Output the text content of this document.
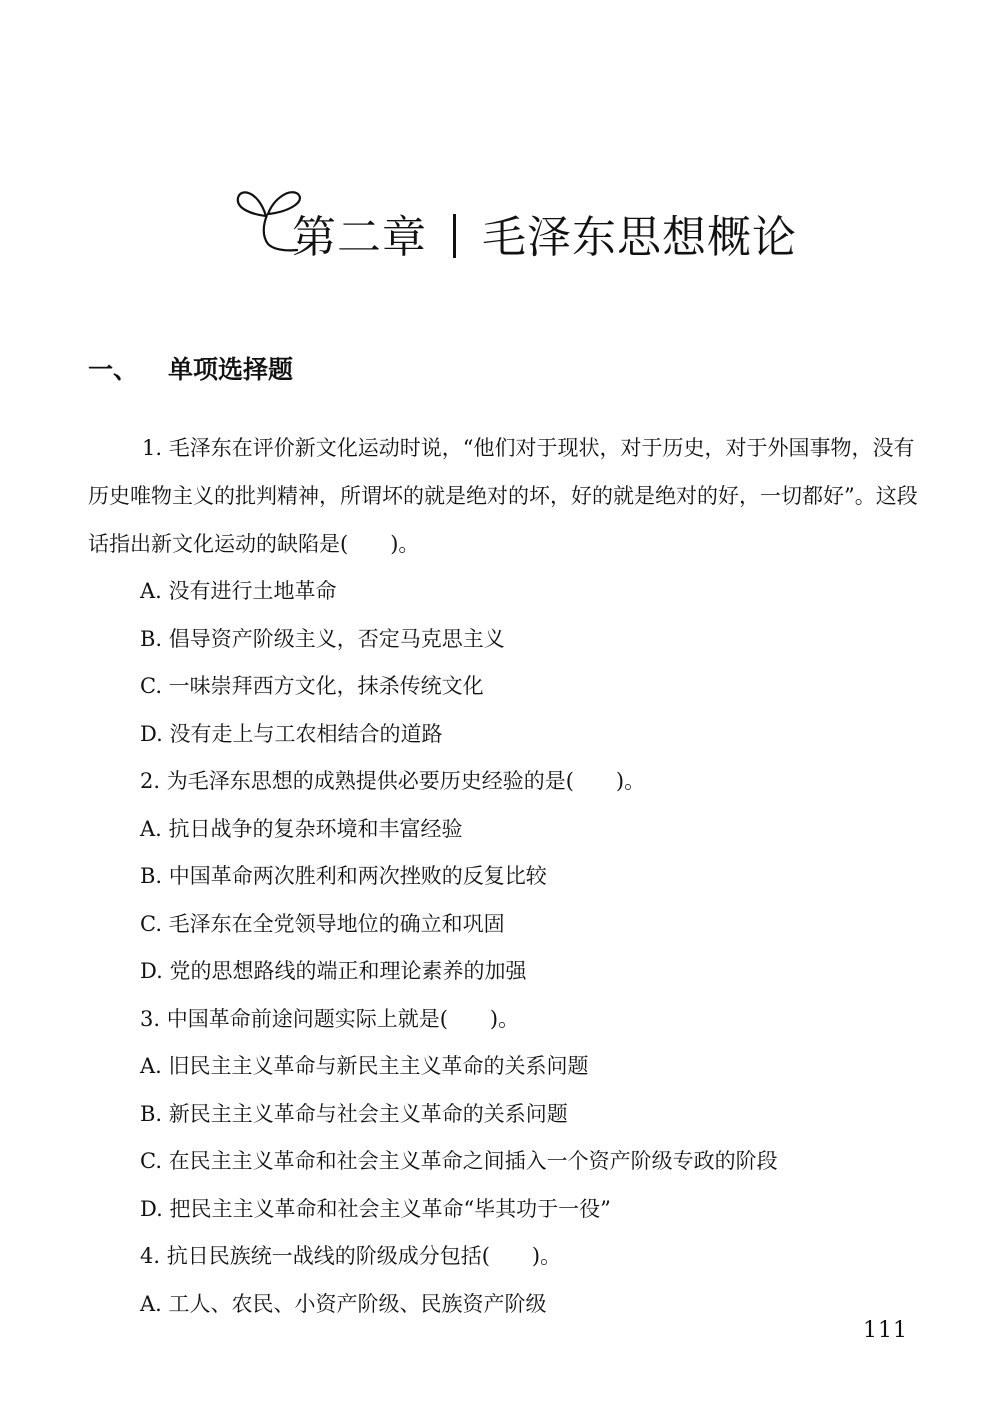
第二章 毛泽东思想概论
一、 单项选择题

1. 毛泽东在评价新文化运动时说，“他们对于现状，对于历史，对于外国事物，没有历史唯物主义的批判精神，所谓坏的就是绝对的坏，好的就是绝对的好，一切都好”。这段话指出新文化运动的缺陷是(　　)。

A. 没有进行土地革命

B. 倡导资产阶级主义，否定马克思主义

C. 一味崇拜西方文化，抹杀传统文化

D. 没有走上与工农相结合的道路

2. 为毛泽东思想的成熟提供必要历史经验的是(　　)。

A. 抗日战争的复杂环境和丰富经验

B. 中国革命两次胜利和两次挫败的反复比较

C. 毛泽东在全党领导地位的确立和巩固

D. 党的思想路线的端正和理论素养的加强

3. 中国革命前途问题实际上就是(　　)。

A. 旧民主主义革命与新民主主义革命的关系问题

B. 新民主主义革命与社会主义革命的关系问题

C. 在民主主义革命和社会主义革命之间插入一个资产阶级专政的阶段

D. 把民主主义革命和社会主义革命“毕其功于一役”

4. 抗日民族统一战线的阶级成分包括(　　)。

A. 工人、农民、小资产阶级、民族资产阶级

111
